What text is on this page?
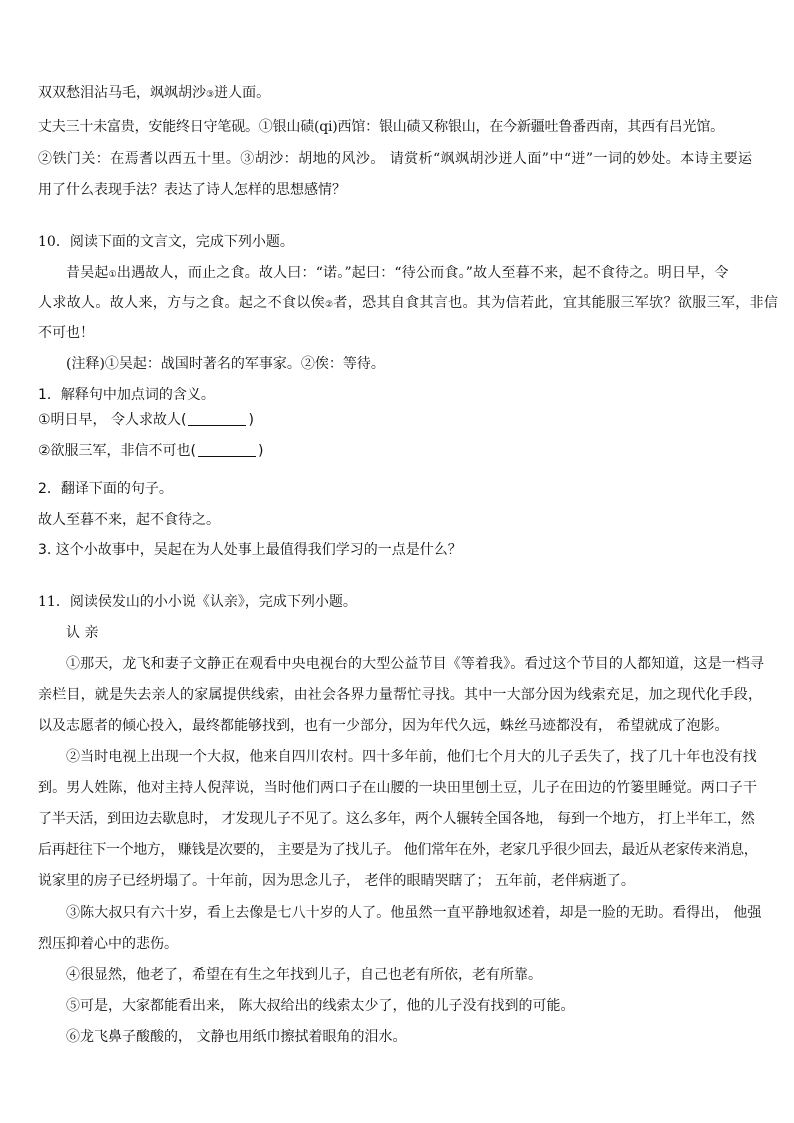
双双愁泪沾马毛，飒飒胡沙③迸人面。
丈夫三十未富贵，安能终日守笔砚。①银山碛(qi)西馆：银山碛又称银山，在今新疆吐鲁番西南，其西有吕光馆。
②铁门关：在焉耆以西五十里。③胡沙：胡地的风沙。 请赏析“飒飒胡沙迸人面”中“迸”一词的妙处。本诗主要运
用了什么表现手法？表达了诗人怎样的思想感情？
10．阅读下面的文言文，完成下列小题。
昔吴起①出遇故人，而止之食。故人曰：“诺。”起曰：“待公而食。”故人至暮不来，起不食待之。明日早，令
人求故人。故人来，方与之食。起之不食以俟②者，恐其自食其言也。其为信若此，宜其能服三军欤？欲服三军，非信
不可也！
(注释)①吴起：战国时著名的军事家。②俟：等待。
1．解释句中加点词的含义。
①明日早， 令人求故人(	)
②欲服三军，非信不可也(	)
2．翻译下面的句子。
故人至暮不来，起不食待之。
3. 这个小故事中，吴起在为人处事上最值得我们学习的一点是什么？
11．阅读侯发山的小小说《认亲》，完成下列小题。
认 亲
①那天，龙飞和妻子文静正在观看中央电视台的大型公益节目《等着我》。看过这个节目的人都知道，这是一档寻
亲栏目，就是失去亲人的家属提供线索，由社会各界力量帮忙寻找。其中一大部分因为线索充足，加之现代化手段，
以及志愿者的倾心投入，最终都能够找到，也有一少部分，因为年代久远，蛛丝马迹都没有， 希望就成了泡影。
②当时电视上出现一个大叔，他来自四川农村。四十多年前，他们七个月大的儿子丢失了，找了几十年也没有找
到。男人姓陈，他对主持人倪萍说，当时他们两口子在山腰的一块田里刨土豆，儿子在田边的竹篓里睡觉。两口子干
了半天活，到田边去歇息时， 才发现儿子不见了。这么多年，两个人辗转全国各地， 每到一个地方， 打上半年工，然
后再赶往下一个地方， 赚钱是次要的， 主要是为了找儿子。 他们常年在外，老家几乎很少回去，最近从老家传来消息，
说家里的房子已经坍塌了。十年前，因为思念儿子， 老伴的眼睛哭瞎了； 五年前，老伴病逝了。
③陈大叔只有六十岁，看上去像是七八十岁的人了。他虽然一直平静地叙述着，却是一脸的无助。看得出， 他强
烈压抑着心中的悲伤。
④很显然，他老了，希望在有生之年找到儿子，自己也老有所依，老有所靠。
⑤可是，大家都能看出来， 陈大叔给出的线索太少了，他的儿子没有找到的可能。
⑥龙飞鼻子酸酸的， 文静也用纸巾擦拭着眼角的泪水。
